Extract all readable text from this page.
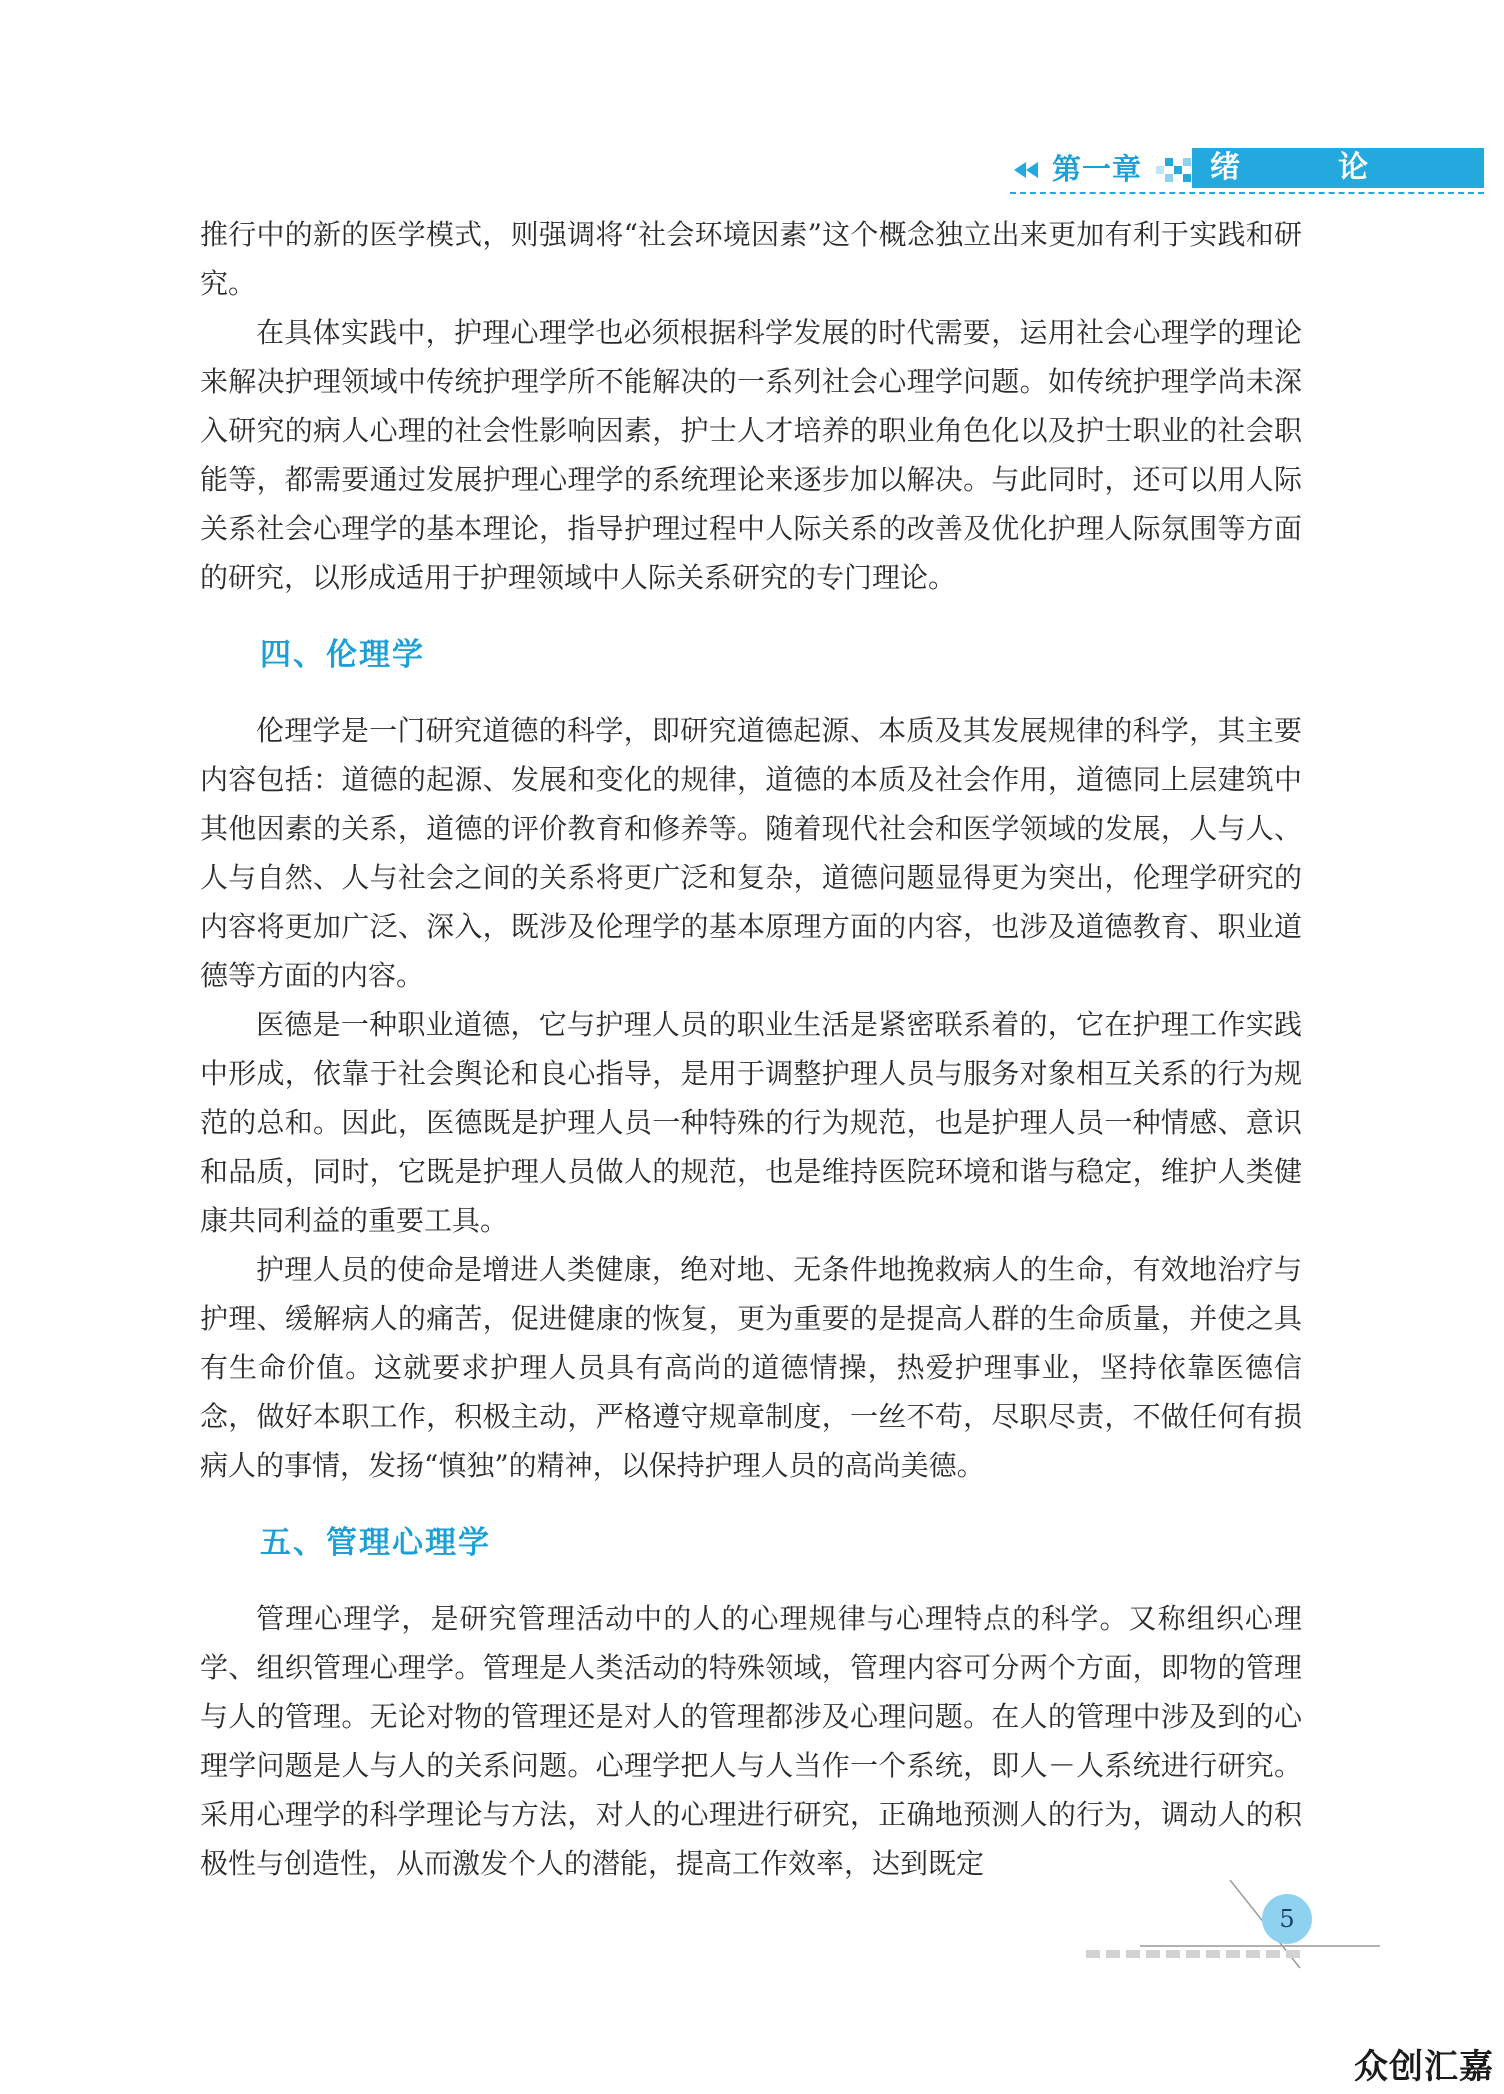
第一章 绪　论

推行中的新的医学模式，则强调将“社会环境因素”这个概念独立出来更加有利于实践和研究。

在具体实践中，护理心理学也必须根据科学发展的时代需要，运用社会心理学的理论来解决护理领域中传统护理学所不能解决的一系列社会心理学问题。如传统护理学尚未深入研究的病人心理的社会性影响因素，护士人才培养的职业角色化以及护士职业的社会职能等，都需要通过发展护理心理学的系统理论来逐步加以解决。与此同时，还可以用人际关系社会心理学的基本理论，指导护理过程中人际关系的改善及优化护理人际氛围等方面的研究，以形成适用于护理领域中人际关系研究的专门理论。

四、伦理学

伦理学是一门研究道德的科学，即研究道德起源、本质及其发展规律的科学，其主要内容包括：道德的起源、发展和变化的规律，道德的本质及社会作用，道德同上层建筑中其他因素的关系，道德的评价教育和修养等。随着现代社会和医学领域的发展，人与人、人与自然、人与社会之间的关系将更广泛和复杂，道德问题显得更为突出，伦理学研究的内容将更加广泛、深入，既涉及伦理学的基本原理方面的内容，也涉及道德教育、职业道德等方面的内容。

医德是一种职业道德，它与护理人员的职业生活是紧密联系着的，它在护理工作实践中形成，依靠于社会舆论和良心指导，是用于调整护理人员与服务对象相互关系的行为规范的总和。因此，医德既是护理人员一种特殊的行为规范，也是护理人员一种情感、意识和品质，同时，它既是护理人员做人的规范，也是维持医院环境和谐与稳定，维护人类健康共同利益的重要工具。

护理人员的使命是增进人类健康，绝对地、无条件地挽救病人的生命，有效地治疗与护理、缓解病人的痛苦，促进健康的恢复，更为重要的是提高人群的生命质量，并使之具有生命价值。这就要求护理人员具有高尚的道德情操，热爱护理事业，坚持依靠医德信念，做好本职工作，积极主动，严格遵守规章制度，一丝不苟，尽职尽责，不做任何有损病人的事情，发扬“慎独”的精神，以保持护理人员的高尚美德。

五、管理心理学

管理心理学，是研究管理活动中的人的心理规律与心理特点的科学。又称组织心理学、组织管理心理学。管理是人类活动的特殊领域，管理内容可分两个方面，即物的管理与人的管理。无论对物的管理还是对人的管理都涉及心理问题。在人的管理中涉及到的心理学问题是人与人的关系问题。心理学把人与人当作一个系统，即人－人系统进行研究。采用心理学的科学理论与方法，对人的心理进行研究，正确地预测人的行为，调动人的积极性与创造性，从而激发个人的潜能，提高工作效率，达到既定

5
众创汇嘉
